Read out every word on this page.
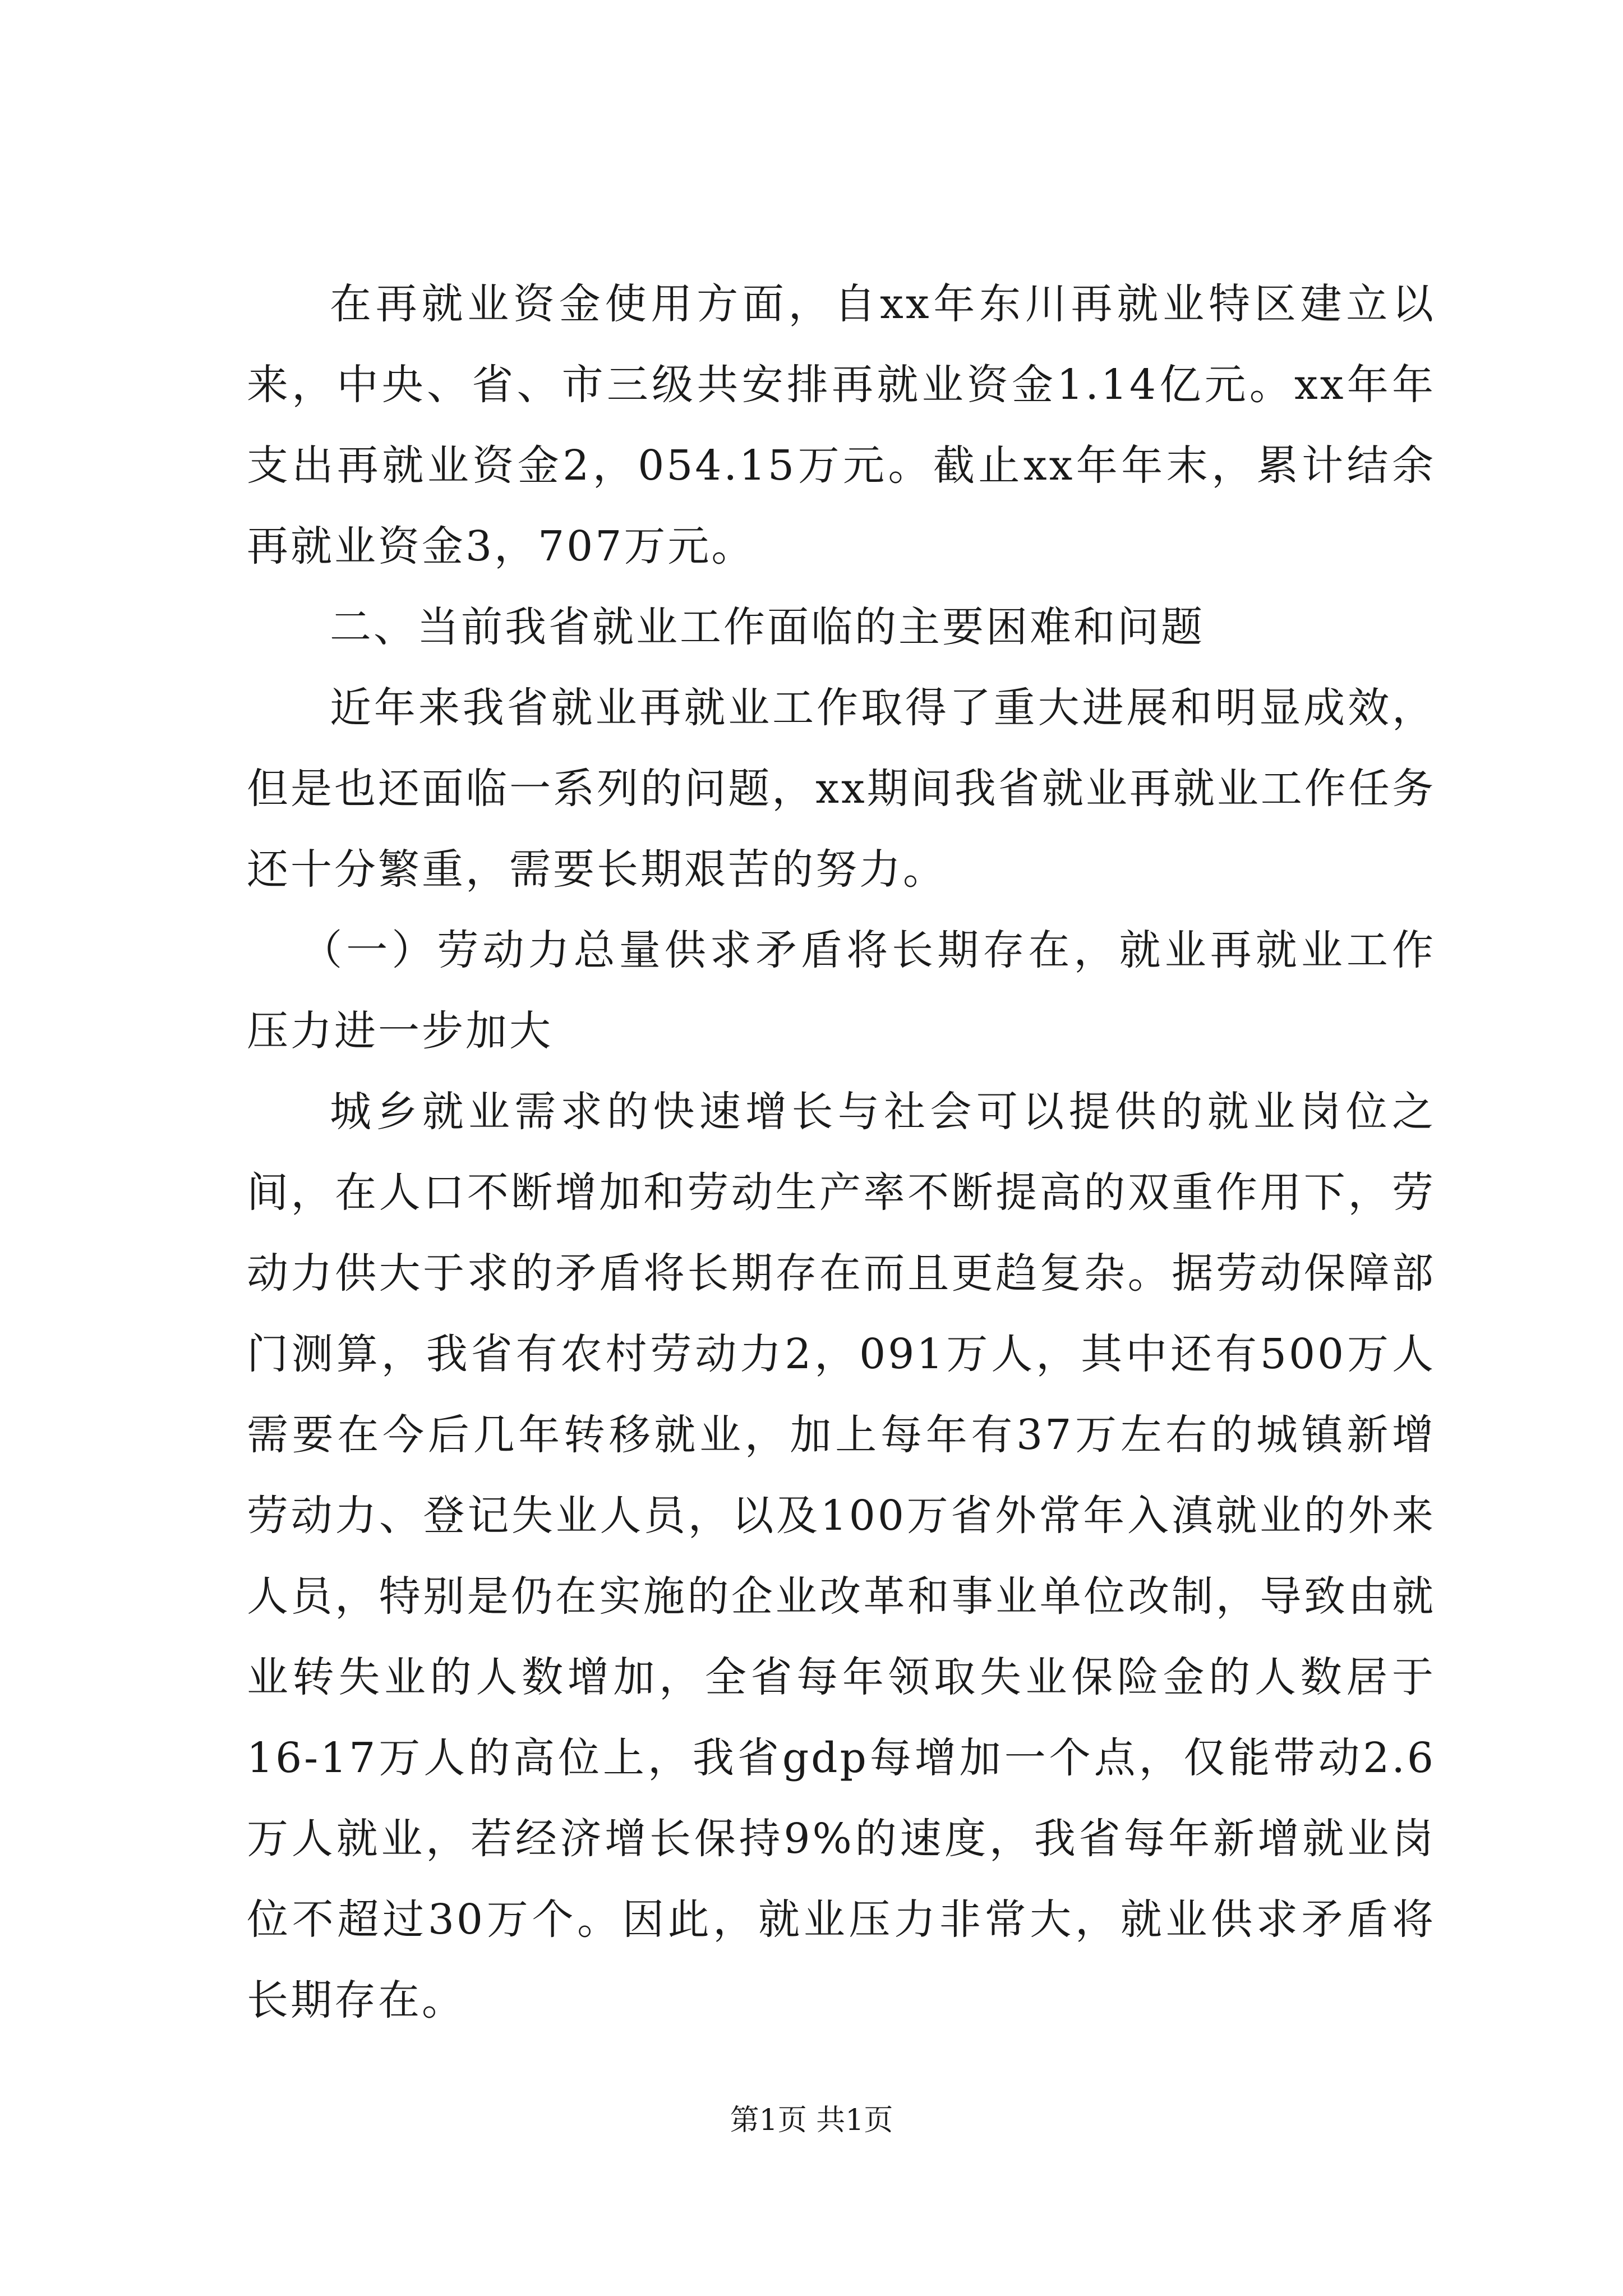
在再就业资金使用方面，自xx年东川再就业特区建立以来，中央、省、市三级共安排再就业资金1.14亿元。xx年年支出再就业资金2，054.15万元。截止xx年年末，累计结余再就业资金3，707万元。

二、当前我省就业工作面临的主要困难和问题

近年来我省就业再就业工作取得了重大进展和明显成效，但是也还面临一系列的问题，xx期间我省就业再就业工作任务还十分繁重，需要长期艰苦的努力。

（一）劳动力总量供求矛盾将长期存在，就业再就业工作压力进一步加大

城乡就业需求的快速增长与社会可以提供的就业岗位之间，在人口不断增加和劳动生产率不断提高的双重作用下，劳动力供大于求的矛盾将长期存在而且更趋复杂。据劳动保障部门测算，我省有农村劳动力2，091万人，其中还有500万人需要在今后几年转移就业，加上每年有37万左右的城镇新增劳动力、登记失业人员，以及100万省外常年入滇就业的外来人员，特别是仍在实施的企业改革和事业单位改制，导致由就业转失业的人数增加，全省每年领取失业保险金的人数居于16-17万人的高位上，我省gdp每增加一个点，仅能带动2.6万人就业，若经济增长保持9%的速度，我省每年新增就业岗位不超过30万个。因此，就业压力非常大，就业供求矛盾将长期存在。

第1页 共1页
